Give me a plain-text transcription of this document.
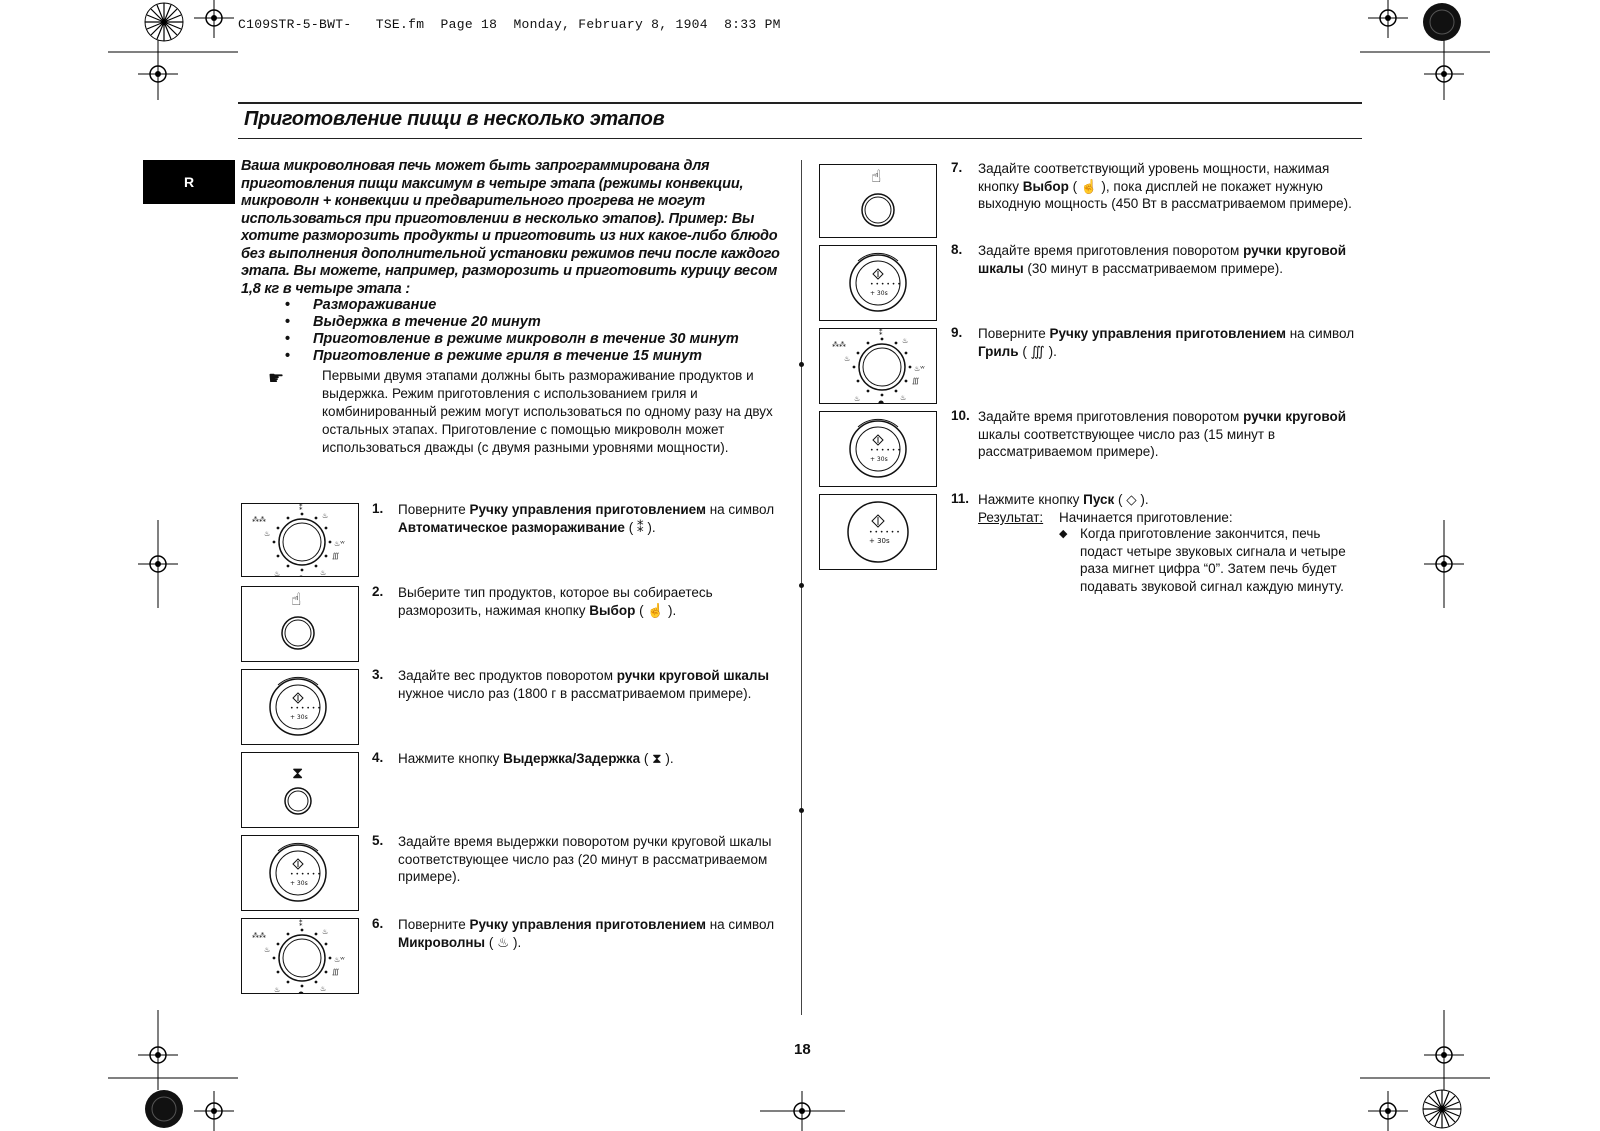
C109STR-5-BWT-   TSE.fm  Page 18  Monday, February 8, 1904  8:33 PM
Приготовление пищи в несколько этапов
R
Ваша микроволновая печь может быть запрограммирована для приготовления пищи максимум в четыре этапа (режимы конвекции, микроволн + конвекции и предварительного прогрева не могут использоваться при приготовлении в несколько этапов). Пример: Вы хотите разморозить продукты и приготовить из них какое-либо блюдо без выполнения дополнительной установки режимов печи после каждого этапа. Вы можете, например, разморозить и приготовить курицу весом 1,8 кг в четыре этапа :
• Размораживание
• Выдержка в течение 20 минут
• Приготовление в режиме микроволн в течение 30 минут
• Приготовление в режиме гриля в течение 15 минут
☛	Первыми двумя этапами должны быть размораживание продуктов и выдержка. Режим приготовления с использованием гриля и комбинированный режим могут использоваться по одному разу на двух остальных этапах. Приготовление с помощью микроволн может использоваться дважды (с двумя разными уровнями мощности).
• • • • • •
+ 30s
1. Поверните Ручку управления приготовлением на символ Автоматическое размораживание ( ⁑ ).
2. Выберите тип продуктов, которое вы собираетесь разморозить, нажимая кнопку Выбор ( ☝ ).
3. Задайте вес продуктов поворотом ручки круговой шкалы нужное число раз (1800 г в рассматриваемом примере).
4. Нажмите кнопку Выдержка/Задержка ( ⧗ ).
5. Задайте время выдержки поворотом ручки круговой шкалы соответствующее число раз (20 минут в рассматриваемом примере).
6. Поверните Ручку управления приготовлением на символ Микроволны ( ♨ ).
7. Задайте соответствующий уровень мощности, нажимая кнопку Выбор ( ☝ ), пока дисплей не покажет нужную выходную мощность (450 Вт в рассматриваемом примере).
8. Задайте время приготовления поворотом ручки круговой шкалы (30 минут в рассматриваемом примере).
9. Поверните Ручку управления приготовлением на символ Гриль ( ∭ ).
10. Задайте время приготовления поворотом ручки круговой шкалы соответствующее число раз (15 минут в рассматриваемом примере).
11. Нажмите кнопку Пуск ( ◇ ).
Результат: Начинается приготовление:
◆ Когда приготовление закончится, печь подаст четыре звуковых сигнала и четыре раза мигнет цифра “0”. Затем печь будет подавать звуковой сигнал каждую минуту.
18
